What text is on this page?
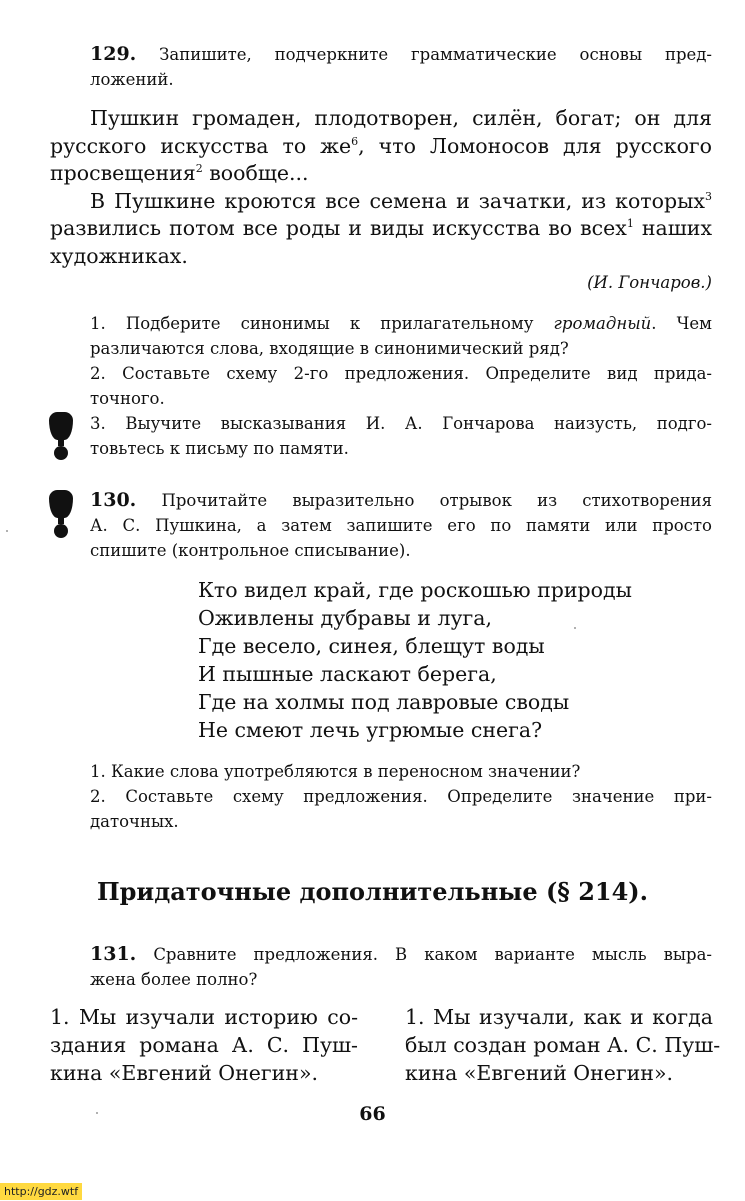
129. Запишите, подчеркните грамматические основы пред-
ложений.
Пушкин громаден, плодотворен, силён, богат; он для
русского искусства то $же^6$, что Ломоносов для русского
просвещения$^2$ вообще...
В Пушкине кроются все семена и зачатки, из которых$^3$
развились потом все роды и виды искусства во всех$^1$ наших
художниках.
(И. Гончаров.)
1. Подберите синонимы к прилагательному громадный. Чем
различаются слова, входящие в синонимический ряд?
2. Составьте схему 2-го предложения. Определите вид прида-
точного.
3. Выучите высказывания И. А. Гончарова наизусть, подго-
товьтесь к письму по памяти.
130. Прочитайте выразительно отрывок из стихотворения
А. С. Пушкина, а затем запишите его по памяти или просто
спишите (контрольное списывание).
Кто видел край, где роскошью природы
Оживлены дубравы и луга,
Где весело, синея, блещут воды
И пышные ласкают берега,
Где на холмы под лавровые своды
Не смеют лечь угрюмые снега?
1. Какие слова употребляются в переносном значении?
2. Составьте схему предложения. Определите значение при-
даточных.
Придаточные дополнительные (§ 214).
131. Сравните предложения. В каком варианте мысль выра-
жена более полно?
1. Мы изучали историю со-
здания романа А. С. Пуш-
кина «Евгений Онегин».
1. Мы изучали, как и когда
был создан роман А. С. Пуш-
кина «Евгений Онегин».
66
http://gdz.wtf
